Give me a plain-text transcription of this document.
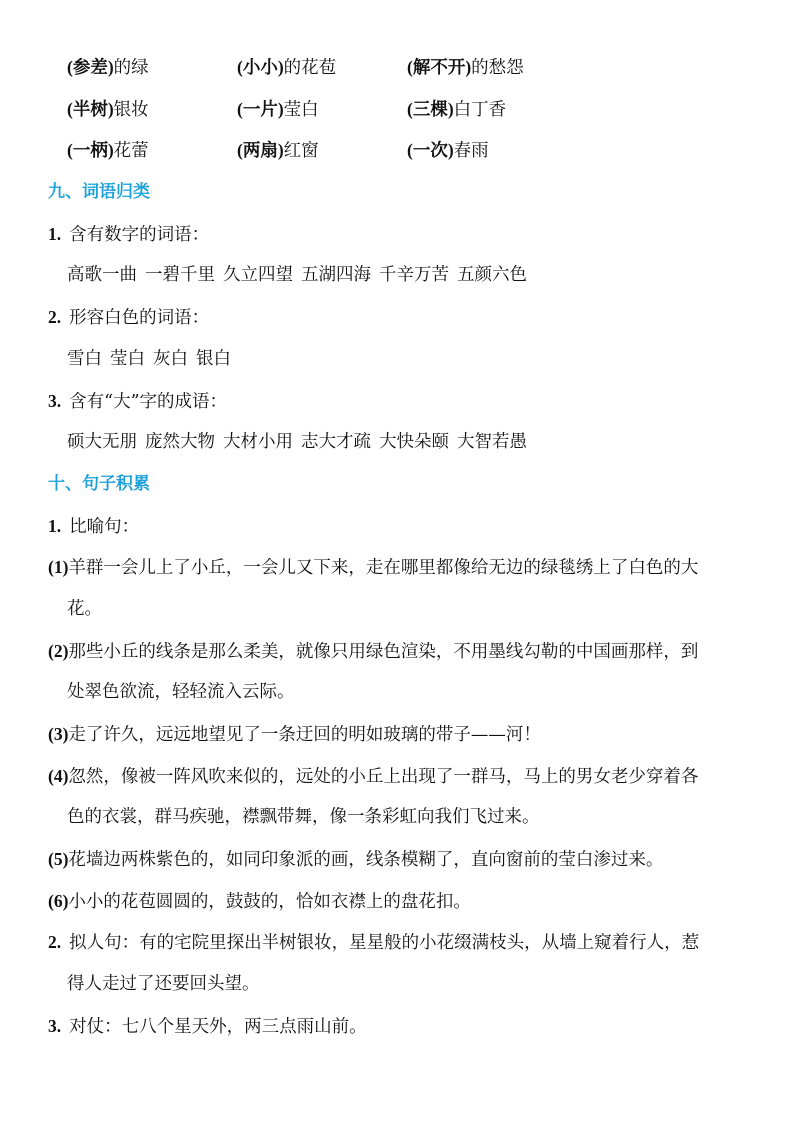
(参差)的绿	(小小)的花苞	(解不开)的愁怨
(半树)银妆	(一片)莹白	(三棵)白丁香
(一柄)花蕾	(两扇)红窗	(一次)春雨
九、词语归类
1. 含有数字的词语：
高歌一曲 一碧千里 久立四望 五湖四海 千辛万苦 五颜六色
2. 形容白色的词语：
雪白 莹白 灰白 银白
3. 含有“大”字的成语：
硕大无朋 庞然大物 大材小用 志大才疏 大快朵颐 大智若愚
十、句子积累
1. 比喻句：
(1)羊群一会儿上了小丘，一会儿又下来，走在哪里都像给无边的绿毯绣上了白色的大
花。
(2)那些小丘的线条是那么柔美，就像只用绿色渲染，不用墨线勾勒的中国画那样，到
处翠色欲流，轻轻流入云际。
(3)走了许久，远远地望见了一条迂回的明如玻璃的带子——河！
(4)忽然，像被一阵风吹来似的，远处的小丘上出现了一群马，马上的男女老少穿着各
色的衣裳，群马疾驰，襟飘带舞，像一条彩虹向我们飞过来。
(5)花墙边两株紫色的，如同印象派的画，线条模糊了，直向窗前的莹白渗过来。
(6)小小的花苞圆圆的，鼓鼓的，恰如衣襟上的盘花扣。
2. 拟人句：有的宅院里探出半树银妆，星星般的小花缀满枝头，从墙上窥着行人，惹
得人走过了还要回头望。
3. 对仗：七八个星天外，两三点雨山前。
